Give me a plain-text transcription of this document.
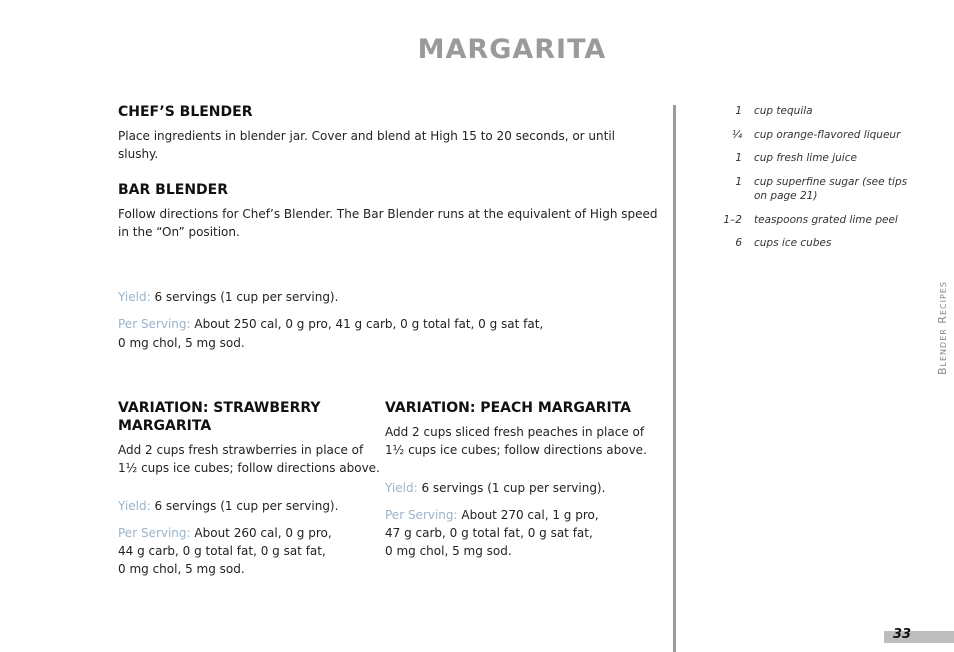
MARGARITA
CHEF’S BLENDER
Place ingredients in blender jar. Cover and blend at High 15 to 20 seconds, or until slushy.
BAR BLENDER
Follow directions for Chef’s Blender. The Bar Blender runs at the equivalent of High speed
in the “On” position.
Yield: 6 servings (1 cup per serving).
Per Serving: About 250 cal, 0 g pro, 41 g carb, 0 g total fat, 0 g sat fat,
0 mg chol, 5 mg sod.
VARIATION: STRAWBERRY
MARGARITA
Add 2 cups fresh strawberries in place of
1½ cups ice cubes; follow directions above.
Yield: 6 servings (1 cup per serving).
Per Serving: About 260 cal, 0 g pro,
44 g carb, 0 g total fat, 0 g sat fat,
0 mg chol, 5 mg sod.
VARIATION: PEACH MARGARITA
Add 2 cups sliced fresh peaches in place of
1½ cups ice cubes; follow directions above.
Yield: 6 servings (1 cup per serving).
Per Serving: About 270 cal, 1 g pro,
47 g carb, 0 g total fat, 0 g sat fat,
0 mg chol, 5 mg sod.
1 cup tequila
¼ cup orange-flavored liqueur
1 cup fresh lime juice
1 cup superfine sugar (see tips
on page 21)
1–2 teaspoons grated lime peel
6 cups ice cubes
Blender Recipes
33
